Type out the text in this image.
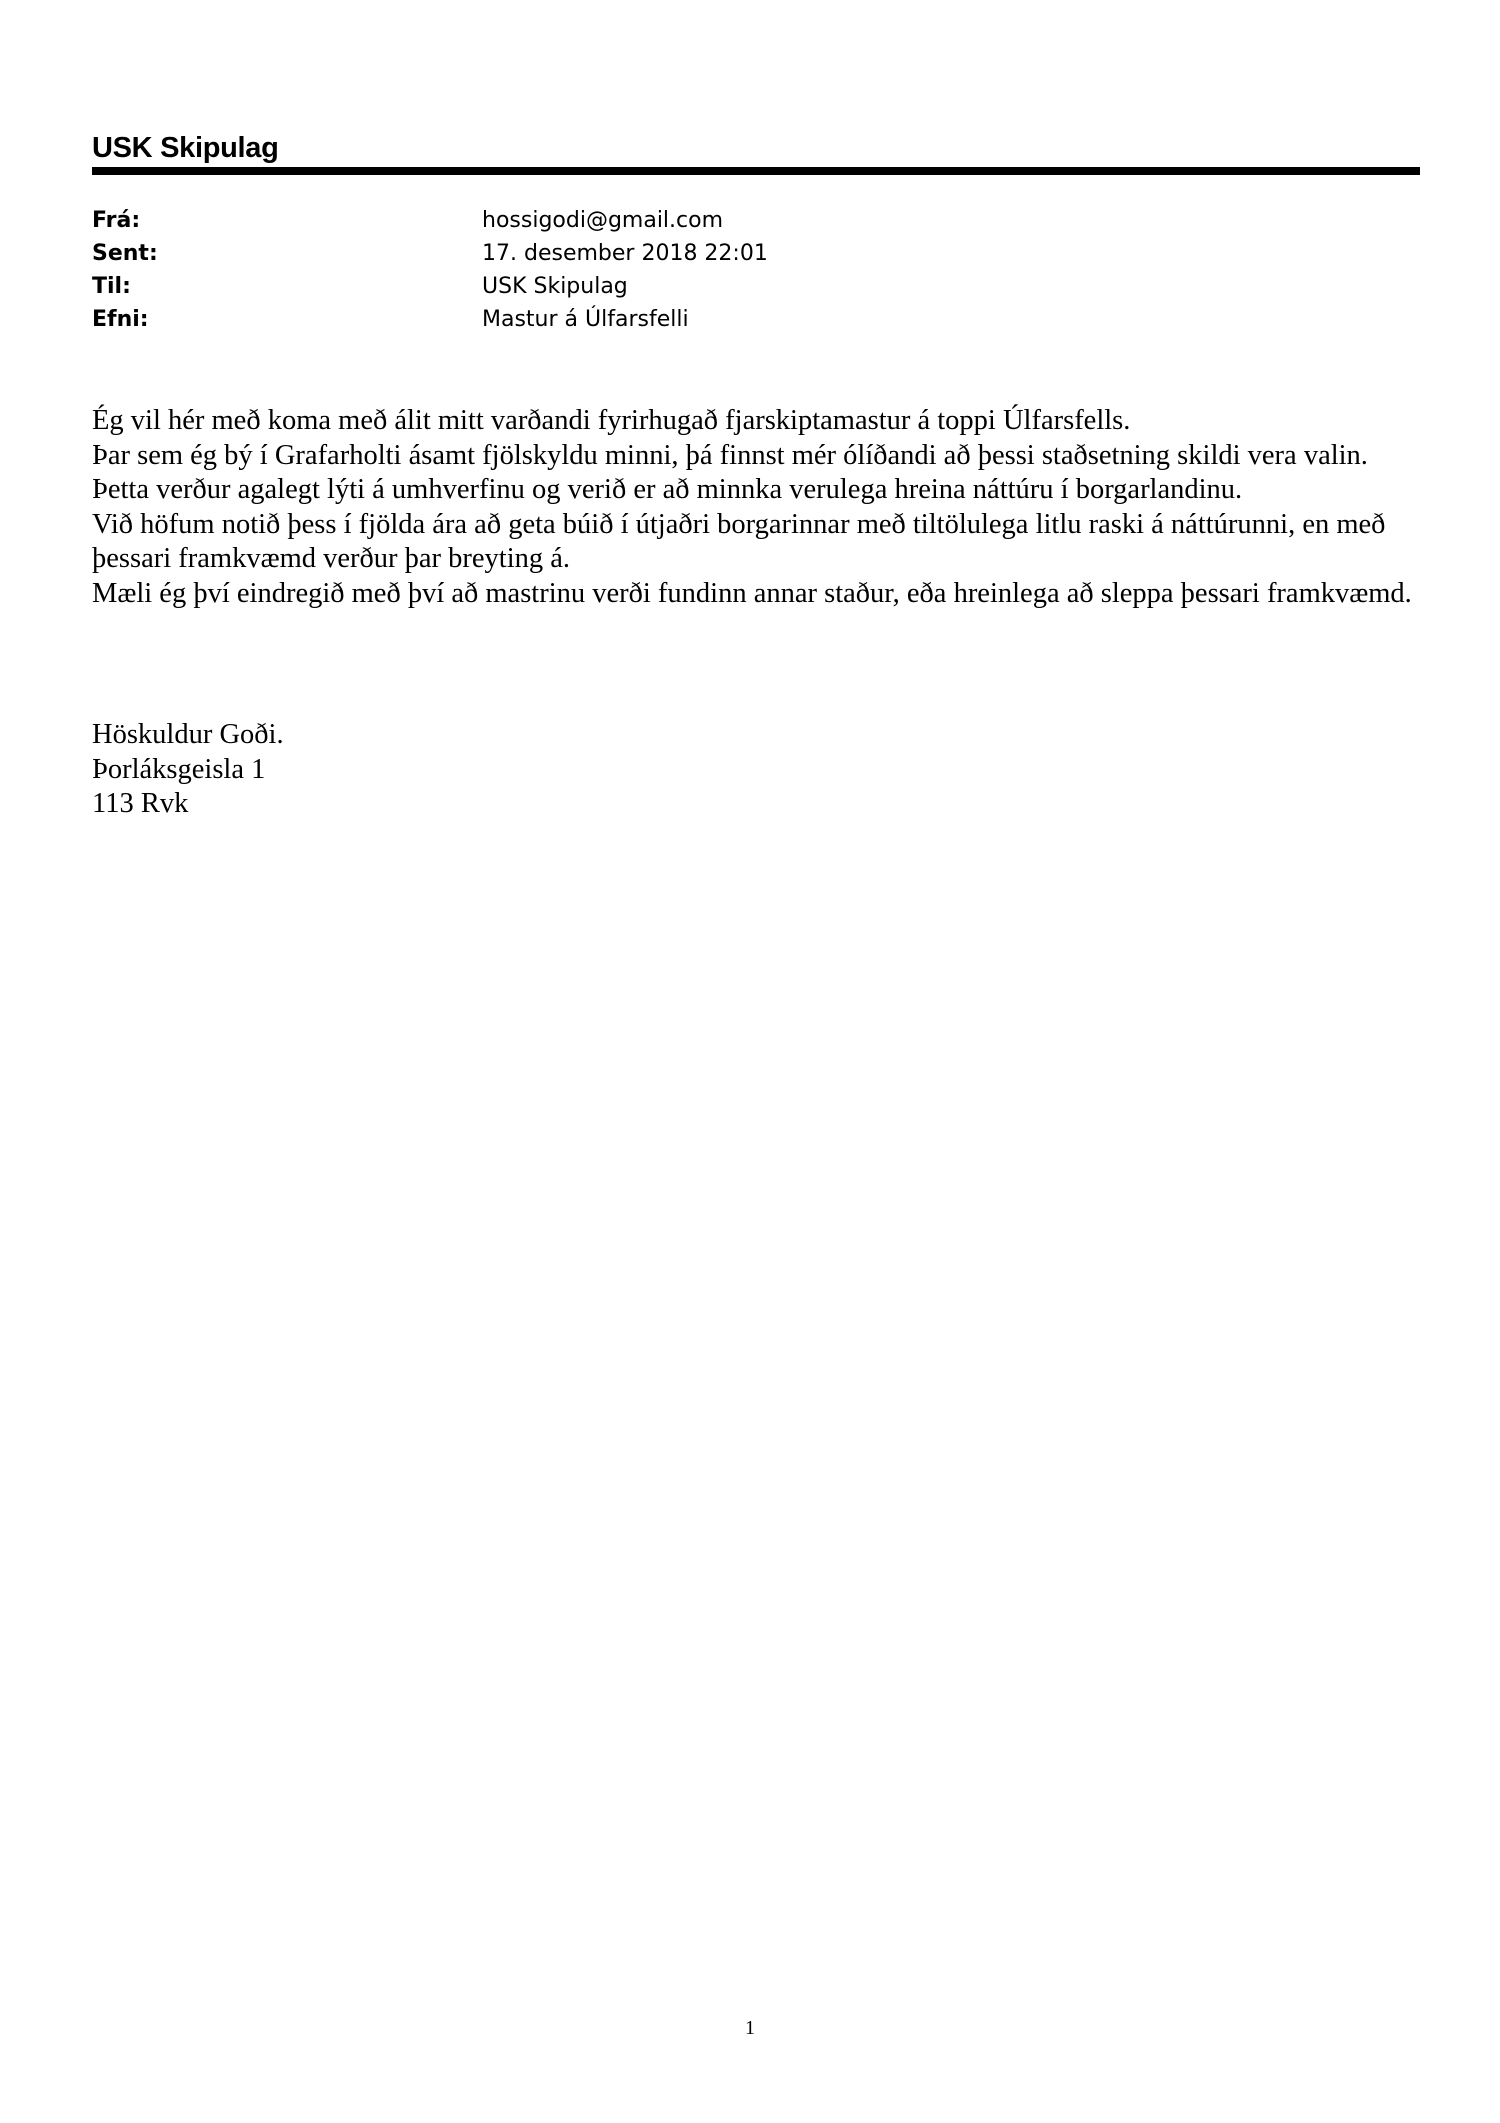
USK Skipulag
Frá:	hossigodi@gmail.com
Sent:	17. desember 2018 22:01
Til:	USK Skipulag
Efni:	Mastur á Úlfarsfelli

Ég vil hér með koma með álit mitt varðandi fyrirhugað fjarskiptamastur á toppi Úlfarsfells.

Þar sem ég bý í Grafarholti ásamt fjölskyldu minni, þá finnst mér ólíðandi að þessi staðsetning skildi vera valin.

Þetta verður agalegt lýti á umhverfinu og verið er að minnka verulega hreina náttúru í borgarlandinu.

Við höfum notið þess í fjölda ára að geta búið í útjaðri borgarinnar með tiltölulega litlu raski á náttúrunni, en með þessari framkvæmd verður þar breyting á.

Mæli ég því eindregið með því að mastrinu verði fundinn annar staður, eða hreinlega að sleppa þessari framkvæmd.

Höskuldur Goði.
Þorláksgeisla 1
113 Rvk
1
